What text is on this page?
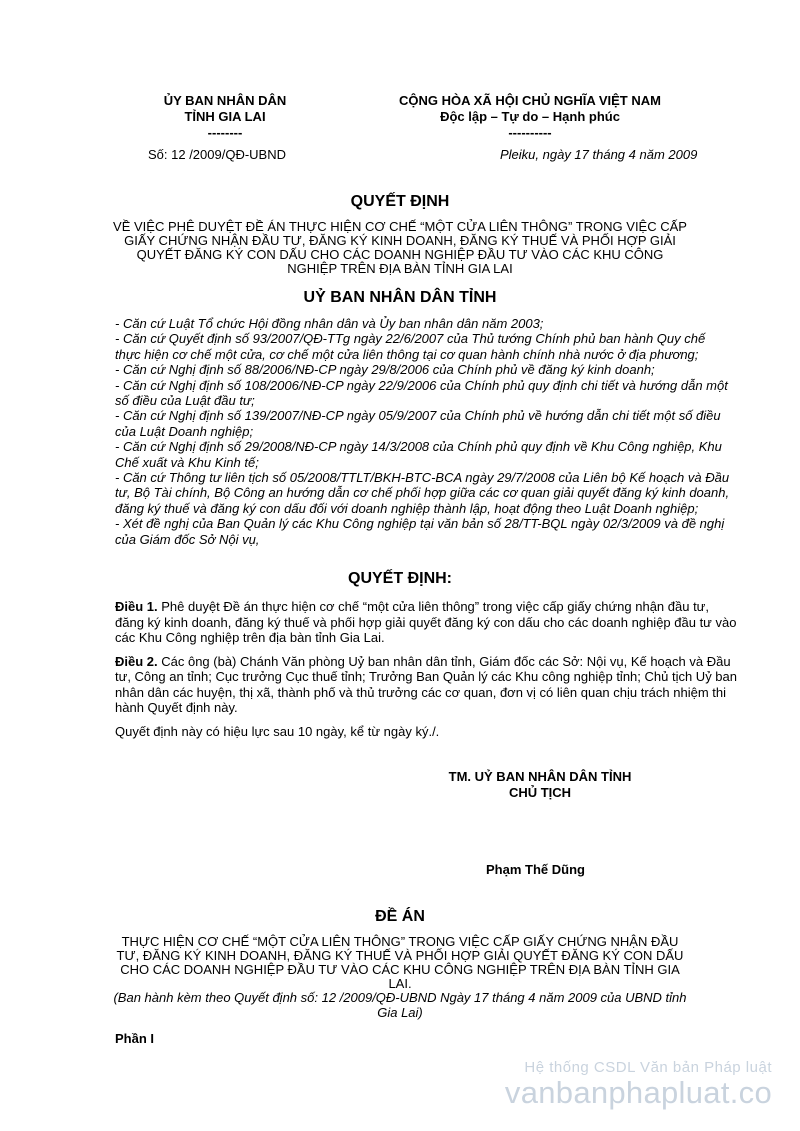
ỦY BAN NHÂN DÂN
TỈNH GIA LAI
--------
CỘNG HÒA XÃ HỘI CHỦ NGHĨA VIỆT NAM
Độc lập – Tự do – Hạnh phúc
----------
Số: 12 /2009/QĐ-UBND	Pleiku, ngày 17 tháng 4 năm 2009
QUYẾT ĐỊNH
VỀ VIỆC PHÊ DUYỆT ĐỀ ÁN THỰC HIỆN CƠ CHẾ “MỘT CỬA LIÊN THÔNG” TRONG VIỆC CẤP GIẤY CHỨNG NHẬN ĐẦU TƯ, ĐĂNG KÝ KINH DOANH, ĐĂNG KÝ THUẾ VÀ PHỐI HỢP GIẢI QUYẾT ĐĂNG KÝ CON DẤU CHO CÁC DOANH NGHIỆP ĐẦU TƯ VÀO CÁC KHU CÔNG NGHIỆP TRÊN ĐỊA BÀN TỈNH GIA LAI
UỶ BAN NHÂN DÂN TỈNH
- Căn cứ Luật Tổ chức Hội đồng nhân dân và Ủy ban nhân dân năm 2003;
- Căn cứ Quyết định số 93/2007/QĐ-TTg ngày 22/6/2007 của Thủ tướng Chính phủ ban hành Quy chế thực hiện cơ chế một cửa, cơ chế một cửa liên thông tại cơ quan hành chính nhà nước ở địa phương;
- Căn cứ Nghị định số 88/2006/NĐ-CP ngày 29/8/2006 của Chính phủ về đăng ký kinh doanh;
- Căn cứ Nghị định số 108/2006/NĐ-CP ngày 22/9/2006 của Chính phủ quy định chi tiết và hướng dẫn một số điều của Luật đầu tư;
- Căn cứ Nghị định số 139/2007/NĐ-CP ngày 05/9/2007 của Chính phủ về hướng dẫn chi tiết một số điều của Luật Doanh nghiệp;
- Căn cứ Nghị định số 29/2008/NĐ-CP ngày 14/3/2008 của Chính phủ quy định về Khu Công nghiệp, Khu Chế xuất và Khu Kinh tế;
- Căn cứ Thông tư liên tịch số 05/2008/TTLT/BKH-BTC-BCA ngày 29/7/2008 của Liên bộ Kế hoạch và Đầu tư, Bộ Tài chính, Bộ Công an hướng dẫn cơ chế phối hợp giữa các cơ quan giải quyết đăng ký kinh doanh, đăng ký thuế và đăng ký con dấu đối với doanh nghiệp thành lập, hoạt động theo Luật Doanh nghiệp;
- Xét đề nghị của Ban Quản lý các Khu Công nghiệp tại văn bản số 28/TT-BQL ngày 02/3/2009 và đề nghị của Giám đốc Sở Nội vụ,
QUYẾT ĐỊNH:

Điều 1. Phê duyệt Đề án thực hiện cơ chế “một cửa liên thông” trong việc cấp giấy chứng nhận đầu tư, đăng ký kinh doanh, đăng ký thuế và phối hợp giải quyết đăng ký con dấu cho các doanh nghiệp đầu tư vào các Khu Công nghiệp trên địa bàn tỉnh Gia Lai.

Điều 2. Các ông (bà) Chánh Văn phòng Uỷ ban nhân dân tỉnh, Giám đốc các Sở: Nội vụ, Kế hoạch và Đầu tư, Công an tỉnh; Cục trưởng Cục thuế tỉnh; Trưởng Ban Quản lý các Khu công nghiệp tỉnh; Chủ tịch Uỷ ban nhân dân các huyện, thị xã, thành phố và thủ trưởng các cơ quan, đơn vị có liên quan chịu trách nhiệm thi hành Quyết định này.

Quyết định này có hiệu lực sau 10 ngày, kể từ ngày ký./.

TM. UỶ BAN NHÂN DÂN TỈNH
CHỦ TỊCH
Phạm Thế Dũng
ĐỀ ÁN
THỰC HIỆN CƠ CHẾ “MỘT CỬA LIÊN THÔNG” TRONG VIỆC CẤP GIẤY CHỨNG NHẬN ĐẦU TƯ, ĐĂNG KÝ KINH DOANH, ĐĂNG KÝ THUẾ VÀ PHỐI HỢP GIẢI QUYẾT ĐĂNG KÝ CON DẤU CHO CÁC DOANH NGHIỆP ĐẦU TƯ VÀO CÁC KHU CÔNG NGHIỆP TRÊN ĐỊA BÀN TỈNH GIA LAI.
(Ban hành kèm theo Quyết định số: 12 /2009/QĐ-UBND Ngày 17 tháng 4 năm 2009 của UBND tỉnh Gia Lai)
Phần I
Hệ thống CSDL Văn bản Pháp luật
vanbanphapluat.co
